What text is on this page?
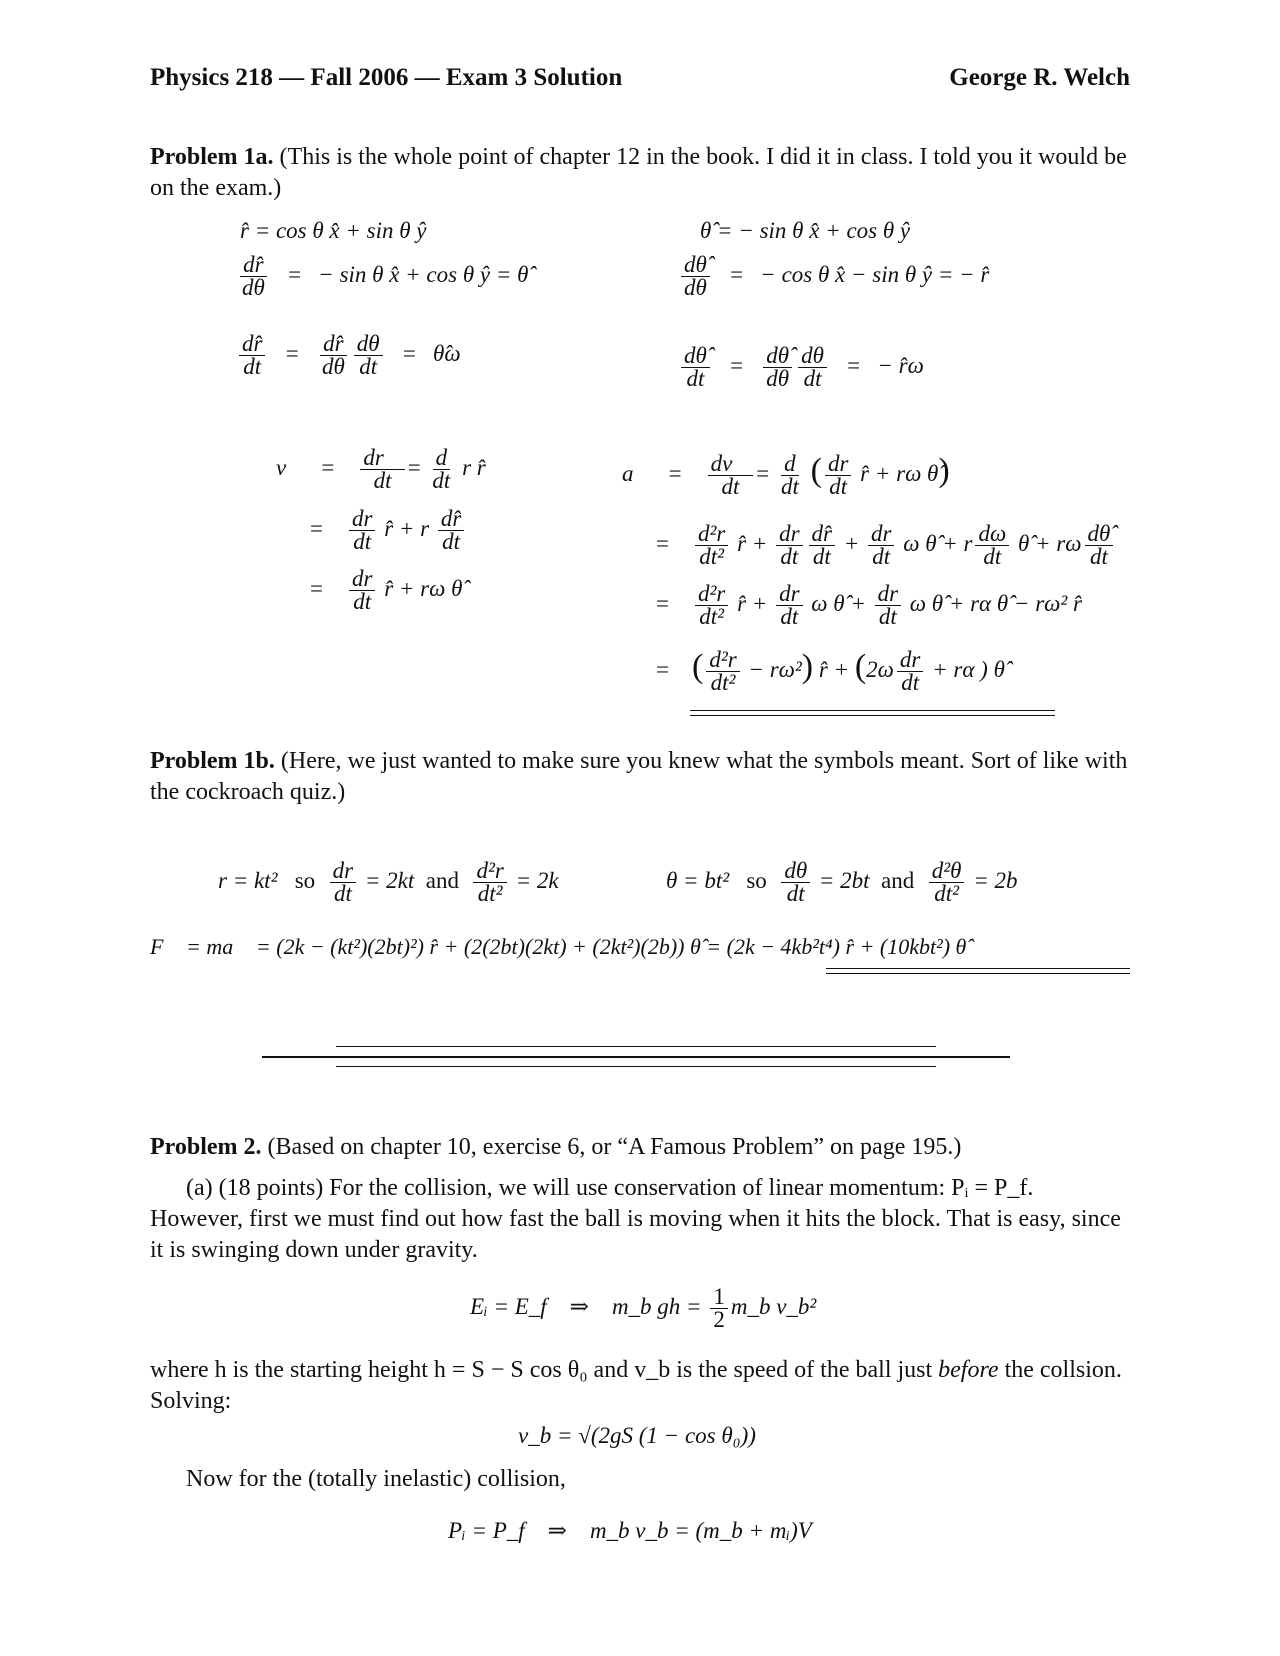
Physics 218 — Fall 2006 — Exam 3 Solution	George R. Welch
Problem 1a. (This is the whole point of chapter 12 in the book. I did it in class. I told you it would be on the exam.)
r̂ = cos θ x̂ + sin θ ŷ	θ̂ = − sin θ x̂ + cos θ ŷ
$\frac{dr̂}{d\theta}$ =   − sin θ x̂ + cos θ ŷ = θ̂	$\frac{d\thetâ}{d\theta}$ =   − cos θ x̂ − sin θ ŷ = − r̂
$\frac{dr̂}{dt} = \frac{dr̂}{d\theta} \frac{d\theta}{dt}$ =   θ̂ω	$\frac{d\thetâ}{dt} = \frac{d\thetâ}{d\theta} \frac{d\theta}{dt}$ =   − r̂ω
v⃗   = $\frac{dr⃗}{dt} = \frac{d}{dt}$ r r̂
= $\frac{dr}{dt}$ r̂ + r $\frac{dr̂}{dt}$
= $\frac{dr}{dt}$ r̂ + rω θ̂
a⃗   = $\frac{dv⃗}{dt} = \frac{d}{dt}$ ( $\frac{dr}{dt}$ r̂ + rω θ̂)
= $\frac{\text{d²r}}{\text{dt²}}$ r̂ + $\frac{dr}{dt} \frac{dr̂}{dt} + \frac{dr}{dt}$ ω θ̂ + r $\frac{d\omega}{dt}$ θ̂ + rω $\frac{d\thetâ}{dt}$
= $\frac{\text{d²r}}{\text{dt²}}$ r̂ + $\frac{dr}{dt}$ ω θ̂ + $\frac{dr}{dt}$ ω θ̂ + rα θ̂ − rω² r̂
=    ( $\frac{\text{d²r}}{\text{dt²}} - r\omega^2$) r̂ + ($2\omega \frac{dr}{dt} + r\alpha$ ) θ̂
Problem 1b. (Here, we just wanted to make sure you knew what the symbols meant. Sort of like with the cockroach quiz.)
r = kt² so $\frac{dr}{dt} = 2kt$ and $\frac{\text{d²r}}{\text{dt²}} = 2k$	θ = bt² so $\frac{d\theta}{dt} = 2bt$ and $\frac{\text{d²θ}}{\text{dt²}} = 2b$
F⃗ = ma⃗ = (2k − (kt²)(2bt)²) r̂ + (2(2bt)(2kt) + (2kt²)(2b)) θ̂ = (2k − 4kb²t⁴) r̂ + (10kbt²) θ̂
Problem 2. (Based on chapter 10, exercise 6, or “A Famous Problem” on page 195.)
(a) (18 points) For the collision, we will use conservation of linear momentum: Pᵢ = P_f. However, first we must find out how fast the ball is moving when it hits the block. That is easy, since it is swinging down under gravity.
Eᵢ = E_f    ⇒    m_b gh = $\frac{1}{2}$ m_b v_b²
where h is the starting height h = S − S cos θ₀ and v_b is the speed of the ball just before the collsion. Solving:
v_b = √(2gS (1 − cos θ₀))
Now for the (totally inelastic) collision,
Pᵢ = P_f    ⇒    m_b v_b = (m_b + mᵢ)V
